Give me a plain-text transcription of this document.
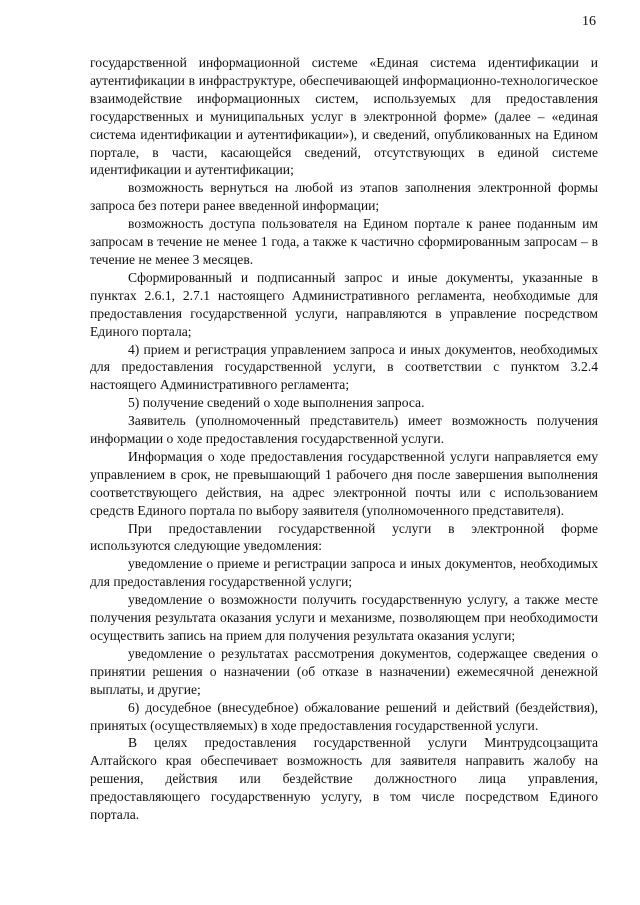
16

государственной информационной системе «Единая система идентификации и аутентификации в инфраструктуре, обеспечивающей информационно-технологическое взаимодействие информационных систем, используемых для предоставления государственных и муниципальных услуг в электронной форме» (далее – «единая система идентификации и аутентификации»), и сведений, опубликованных на Едином портале, в части, касающейся сведений, отсутствующих в единой системе идентификации и аутентификации;

возможность вернуться на любой из этапов заполнения электронной формы запроса без потери ранее введенной информации;

возможность доступа пользователя на Едином портале к ранее поданным им запросам в течение не менее 1 года, а также к частично сформированным запросам – в течение не менее 3 месяцев.

Сформированный и подписанный запрос и иные документы, указанные в пунктах 2.6.1, 2.7.1 настоящего Административного регламента, необходимые для предоставления государственной услуги, направляются в управление посредством Единого портала;

4) прием и регистрация управлением запроса и иных документов, необходимых для предоставления государственной услуги, в соответствии с пунктом 3.2.4 настоящего Административного регламента;

5) получение сведений о ходе выполнения запроса.

Заявитель (уполномоченный представитель) имеет возможность получения информации о ходе предоставления государственной услуги.

Информация о ходе предоставления государственной услуги направляется ему управлением в срок, не превышающий 1 рабочего дня после завершения выполнения соответствующего действия, на адрес электронной почты или с использованием средств Единого портала по выбору заявителя (уполномоченного представителя).

При предоставлении государственной услуги в электронной форме используются следующие уведомления:

уведомление о приеме и регистрации запроса и иных документов, необходимых для предоставления государственной услуги;

уведомление о возможности получить государственную услугу, а также месте получения результата оказания услуги и механизме, позволяющем при необходимости осуществить запись на прием для получения результата оказания услуги;

уведомление о результатах рассмотрения документов, содержащее сведения о принятии решения о назначении (об отказе в назначении) ежемесячной денежной выплаты, и другие;

6) досудебное (внесудебное) обжалование решений и действий (бездействия), принятых (осуществляемых) в ходе предоставления государственной услуги.

В целях предоставления государственной услуги Минтрудсоцзащита Алтайского края обеспечивает возможность для заявителя направить жалобу на решения, действия или бездействие должностного лица управления, предоставляющего государственную услугу, в том числе посредством Единого портала.
